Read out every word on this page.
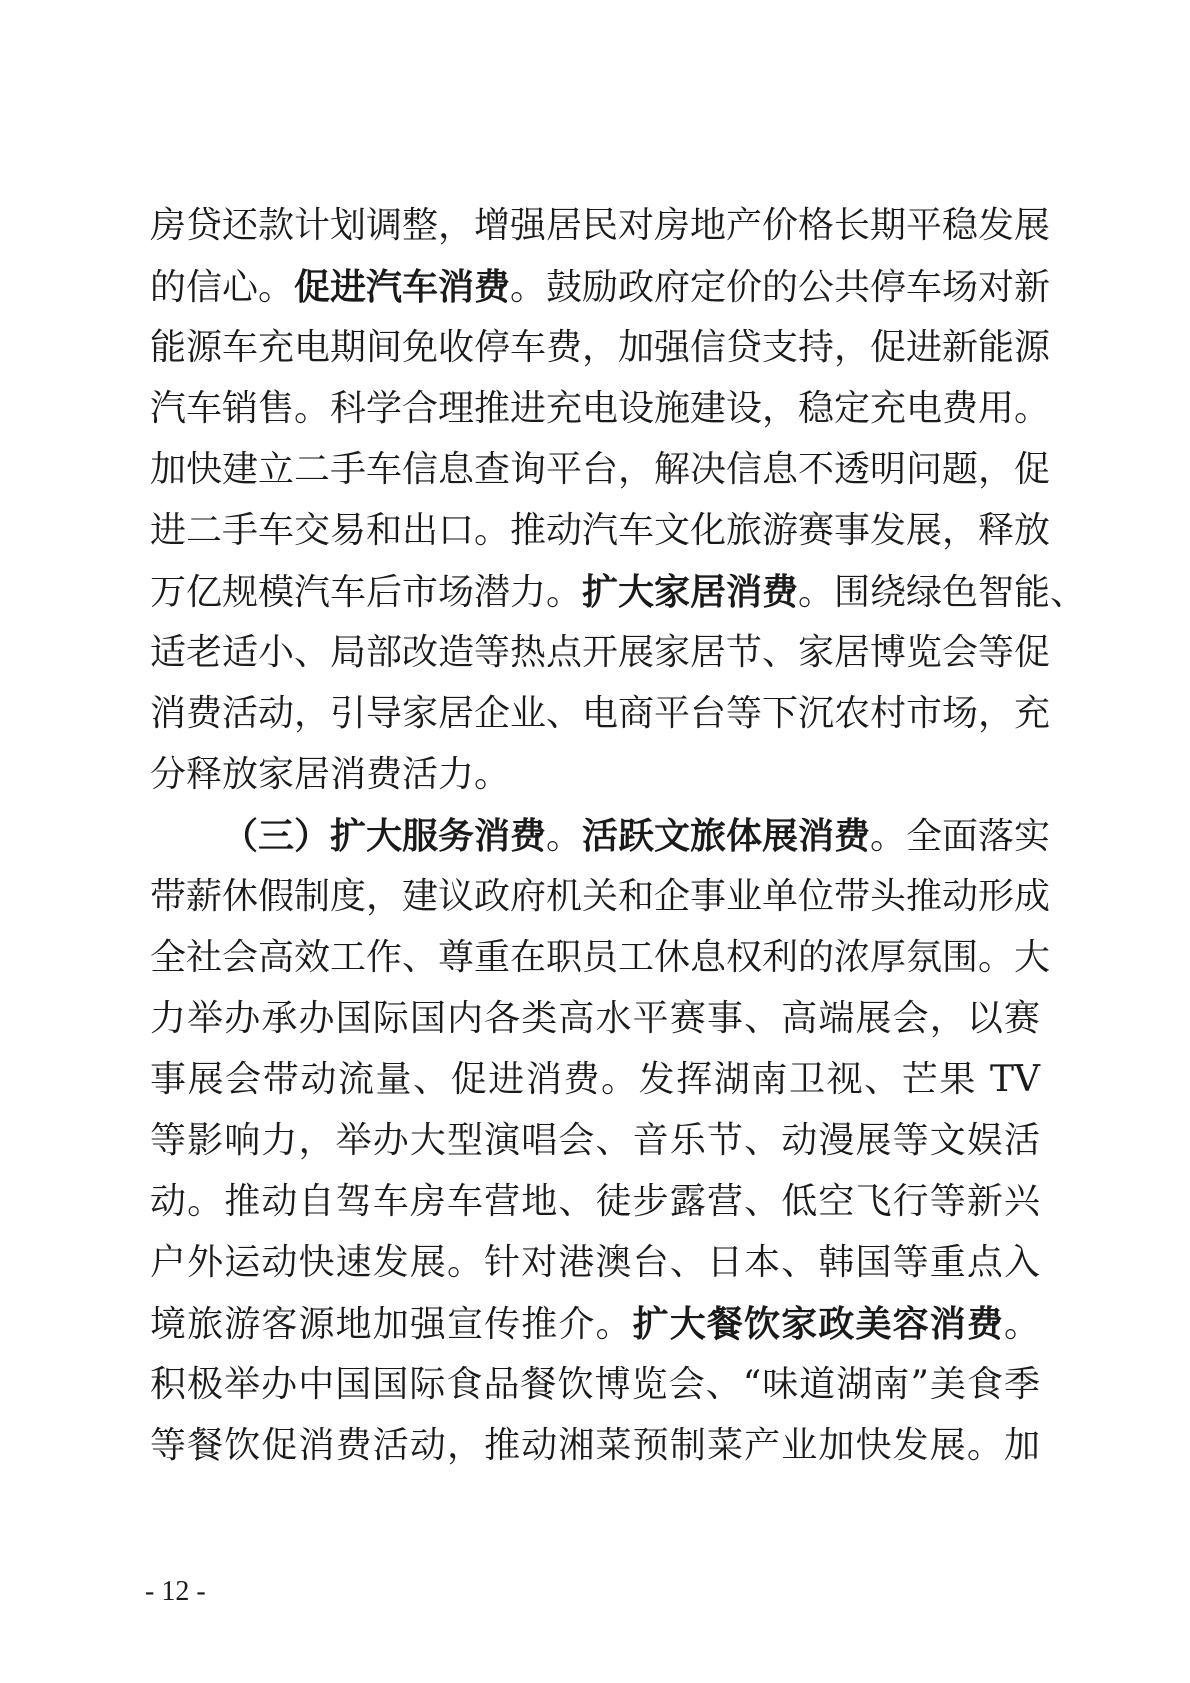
房贷还款计划调整，增强居民对房地产价格长期平稳发展
的信心。促进汽车消费。鼓励政府定价的公共停车场对新
能源车充电期间免收停车费，加强信贷支持，促进新能源
汽车销售。科学合理推进充电设施建设，稳定充电费用。
加快建立二手车信息查询平台，解决信息不透明问题，促
进二手车交易和出口。推动汽车文化旅游赛事发展，释放
万亿规模汽车后市场潜力。扩大家居消费。围绕绿色智能、
适老适小、局部改造等热点开展家居节、家居博览会等促
消费活动，引导家居企业、电商平台等下沉农村市场，充
分释放家居消费活力。
（三）扩大服务消费。活跃文旅体展消费。全面落实
带薪休假制度，建议政府机关和企事业单位带头推动形成
全社会高效工作、尊重在职员工休息权利的浓厚氛围。大
力举办承办国际国内各类高水平赛事、高端展会，以赛
事展会带动流量、促进消费。发挥湖南卫视、芒果 TV
等影响力，举办大型演唱会、音乐节、动漫展等文娱活
动。推动自驾车房车营地、徒步露营、低空飞行等新兴
户外运动快速发展。针对港澳台、日本、韩国等重点入
境旅游客源地加强宣传推介。扩大餐饮家政美容消费。
积极举办中国国际食品餐饮博览会、“味道湖南”美食季
等餐饮促消费活动，推动湘菜预制菜产业加快发展。加
- 12 -
